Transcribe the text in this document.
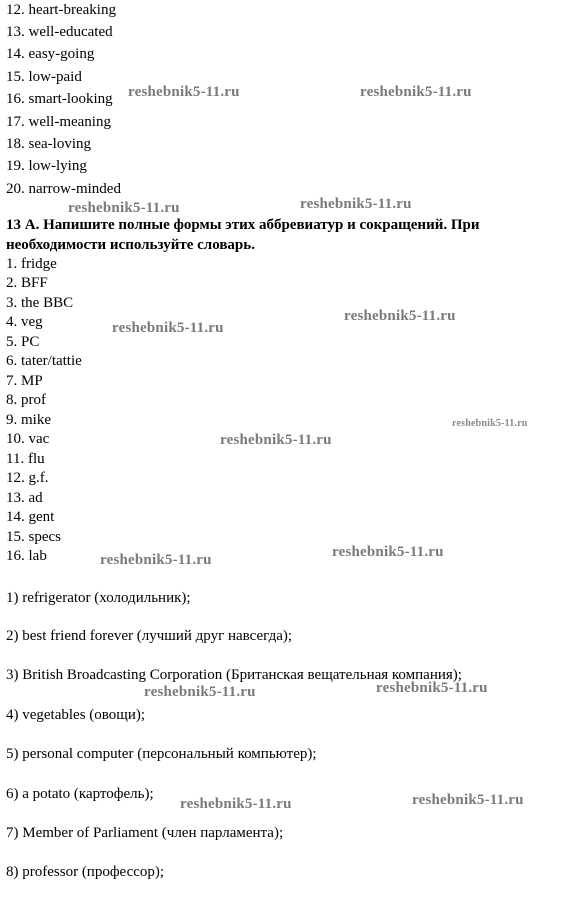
12. heart-breaking
13. well-educated
14. easy-going
15. low-paid
16. smart-looking
17. well-meaning
18. sea-loving
19. low-lying
20. narrow-minded
13 А. Напишите полные формы этих аббревиатур и сокращений. При
необходимости используйте словарь.
1. fridge
2. BFF
3. the BBC
4. veg
5. PC
6. tater/tattie
7. MP
8. prof
9. mike
10. vac
11. flu
12. g.f.
13. ad
14. gent
15. specs
16. lab
1) refrigerator (холодильник);
2) best friend forever (лучший друг навсегда);
3) British Broadcasting Corporation (Британская вещательная компания);
4) vegetables (овощи);
5) personal computer (персональный компьютер);
6) a potato (картофель);
7) Member of Parliament (член парламента);
8) professor (профессор);
reshebnik5-11.ru	reshebnik5-11.ru
reshebnik5-11.ru	reshebnik5-11.ru
reshebnik5-11.ru
reshebnik5-11.ru
reshebnik5-11.ru
reshebnik5-11.ru
reshebnik5-11.ru
reshebnik5-11.ru
reshebnik5-11.ru
reshebnik5-11.ru
reshebnik5-11.ru	reshebnik5-11.ru
